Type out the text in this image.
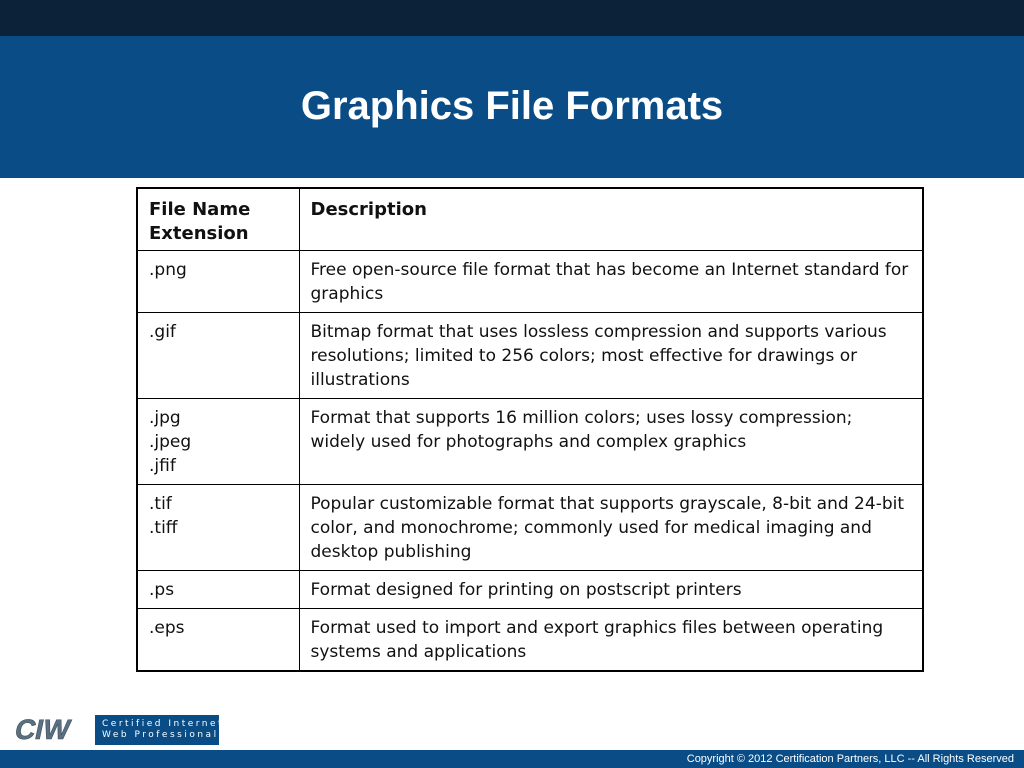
Graphics File Formats
File Name
Extension	Description

.png	Free open-source file format that has become an Internet standard for graphics

.gif	Bitmap format that uses lossless compression and supports various resolutions; limited to 256 colors; most effective for drawings or illustrations

.jpg
.jpeg
.jfif	Format that supports 16 million colors; uses lossy compression; widely used for photographs and complex graphics

.tif
.tiff	Popular customizable format that supports grayscale, 8-bit and 24-bit color, and monochrome; commonly used for medical imaging and desktop publishing

.ps	Format designed for printing on postscript printers

.eps	Format used to import and export graphics files between operating systems and applications
CIW	Certified Internet
Web Professional
Copyright © 2012 Certification Partners, LLC -- All Rights Reserved
